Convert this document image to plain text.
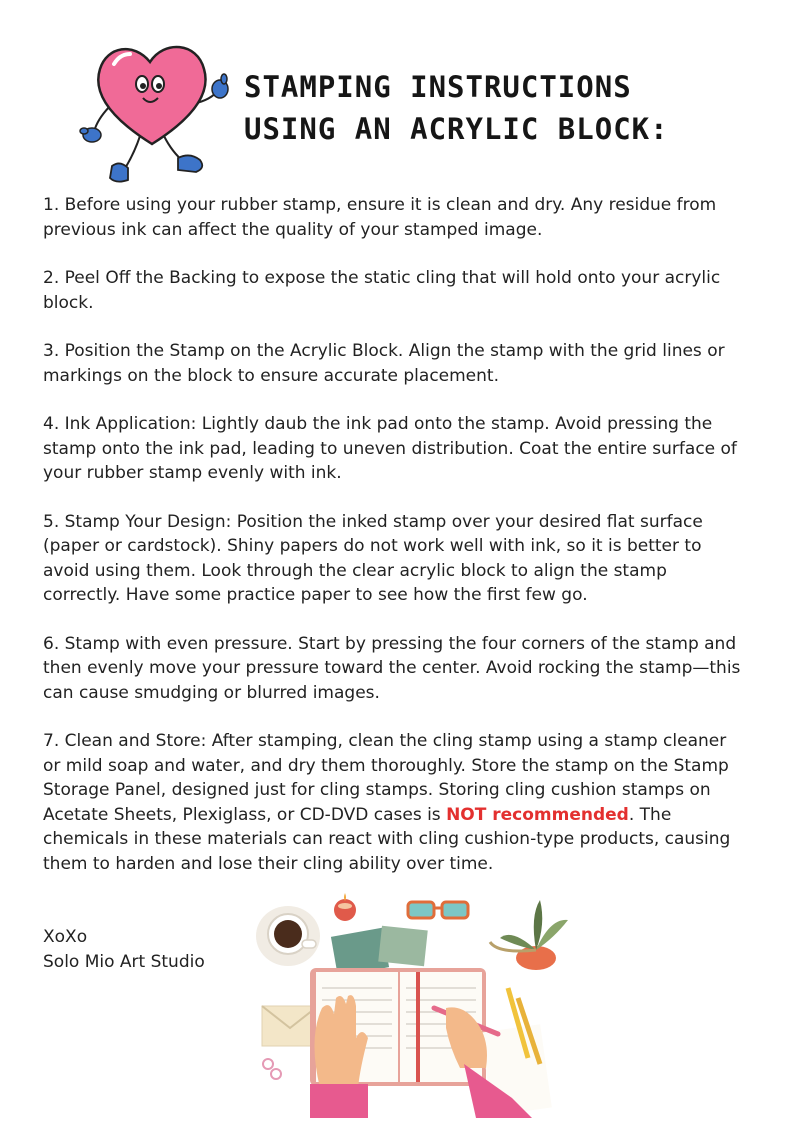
STAMPING INSTRUCTIONS
USING AN ACRYLIC BLOCK:

1. Before using your rubber stamp, ensure it is clean and dry. Any residue from previous ink can affect the quality of your stamped image.

2. Peel Off the Backing to expose the static cling that will hold onto your acrylic block.

3. Position the Stamp on the Acrylic Block. Align the stamp with the grid lines or markings on the block to ensure accurate placement.

4. Ink Application: Lightly daub the ink pad onto the stamp. Avoid pressing the stamp onto the ink pad, leading to uneven distribution. Coat the entire surface of your rubber stamp evenly with ink.

5. Stamp Your Design: Position the inked stamp over your desired flat surface (paper or cardstock). Shiny papers do not work well with ink, so it is better to avoid using them. Look through the clear acrylic block to align the stamp correctly. Have some practice paper to see how the first few go.

6. Stamp with even pressure. Start by pressing the four corners of the stamp and then evenly move your pressure toward the center. Avoid rocking the stamp—this can cause smudging or blurred images.

7. Clean and Store: After stamping, clean the cling stamp using a stamp cleaner or mild soap and water, and dry them thoroughly. Store the stamp on the Stamp Storage Panel, designed just for cling stamps. Storing cling cushion stamps on Acetate Sheets, Plexiglass, or CD-DVD cases is NOT recommended. The chemicals in these materials can react with cling cushion-type products, causing them to harden and lose their cling ability over time.

XoXo
Solo Mio Art Studio
